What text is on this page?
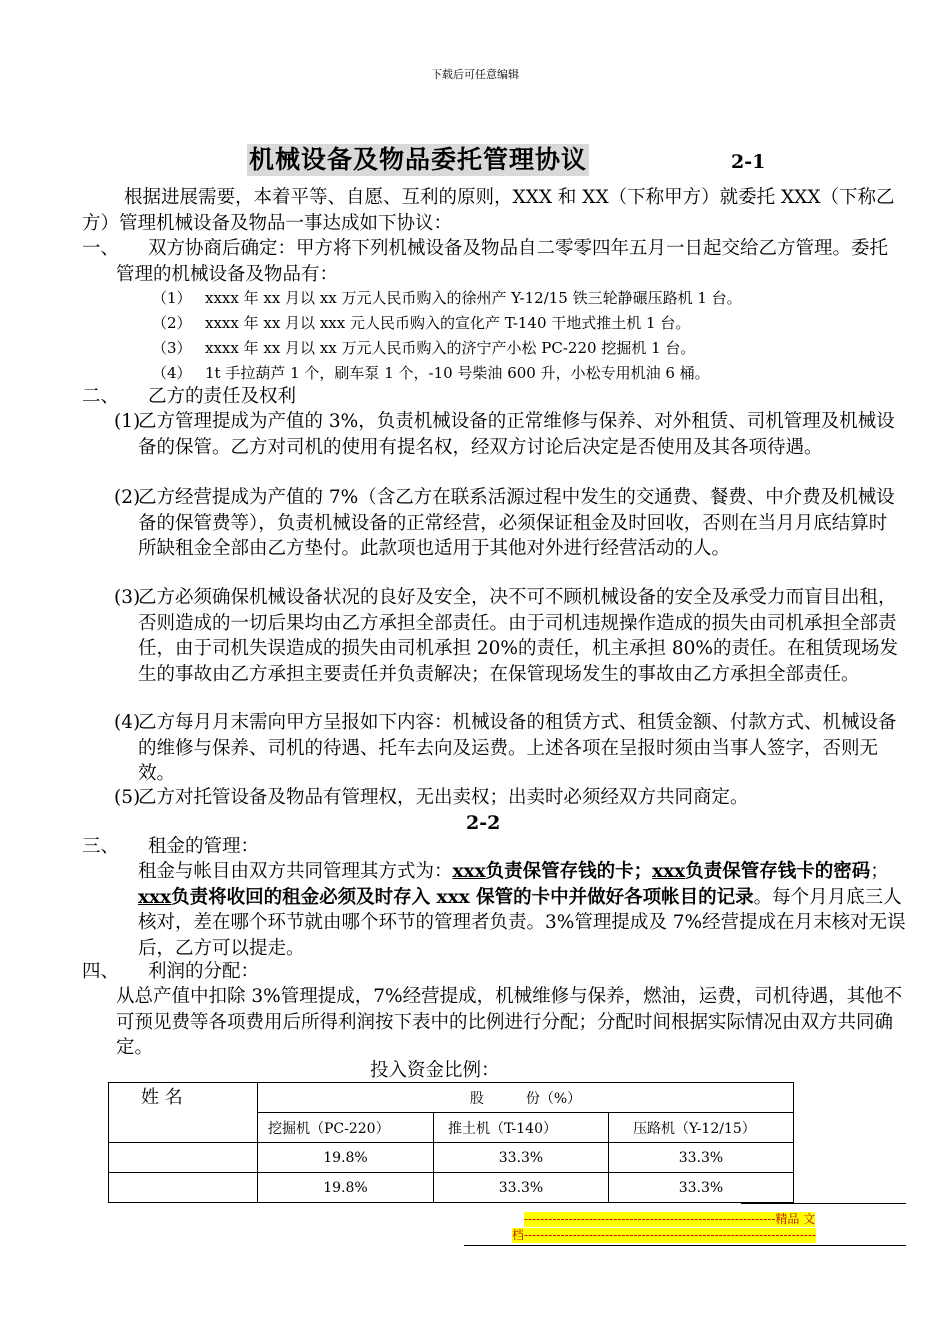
下载后可任意编辑
机械设备及物品委托管理协议	2-1
根据进展需要，本着平等、自愿、互利的原则，XXX 和 XX（下称甲方）就委托 XXX（下称乙方）管理机械设备及物品一事达成如下协议：
一、	双方协商后确定：甲方将下列机械设备及物品自二零零四年五月一日起交给乙方管理。委托管理的机械设备及物品有：
（1） xxxx 年 xx 月以 xx 万元人民币购入的徐州产 Y-12/15 铁三轮静碾压路机 1 台。
（2） xxxx 年 xx 月以 xxx 元人民币购入的宣化产 T-140 干地式推土机 1 台。
（3） xxxx 年 xx 月以 xx 万元人民币购入的济宁产小松 PC-220 挖掘机 1 台。
（4） 1t 手拉葫芦 1 个，刷车泵 1 个，-10 号柴油 600 升，小松专用机油 6 桶。
二、 乙方的责任及权利
(1)
乙方管理提成为产值的 3%，负责机械设备的正常维修与保养、对外租赁、司机管理及机械设备的保管。乙方对司机的使用有提名权，经双方讨论后决定是否使用及其各项待遇。
(2)
乙方经营提成为产值的 7%（含乙方在联系活源过程中发生的交通费、餐费、中介费及机械设备的保管费等），负责机械设备的正常经营，必须保证租金及时回收，否则在当月月底结算时所缺租金全部由乙方垫付。此款项也适用于其他对外进行经营活动的人。
(3)
乙方必须确保机械设备状况的良好及安全，决不可不顾机械设备的安全及承受力而盲目出租，否则造成的一切后果均由乙方承担全部责任。由于司机违规操作造成的损失由司机承担全部责任，由于司机失误造成的损失由司机承担 20%的责任，机主承担 80%的责任。在租赁现场发生的事故由乙方承担主要责任并负责解决；在保管现场发生的事故由乙方承担全部责任。
(4)
乙方每月月末需向甲方呈报如下内容：机械设备的租赁方式、租赁金额、付款方式、机械设备的维修与保养、司机的待遇、托车去向及运费。上述各项在呈报时须由当事人签字，否则无效。
(5)
乙方对托管设备及物品有管理权，无出卖权；出卖时必须经双方共同商定。
2-2
三、 租金的管理：
租金与帐目由双方共同管理其方式为：xxx负责保管存钱的卡；xxx负责保管存钱卡的密码；xxx负责将收回的租金必须及时存入 xxx 保管的卡中并做好各项帐目的记录。每个月月底三人核对，差在哪个环节就由哪个环节的管理者负责。3%管理提成及 7%经营提成在月末核对无误后，乙方可以提走。
四、 利润的分配：
从总产值中扣除 3%管理提成，7%经营提成，机械维修与保养，燃油，运费，司机待遇，其他不可预见费等各项费用后所得利润按下表中的比例进行分配；分配时间根据实际情况由双方共同确定。
投入资金比例：
姓 名	股　　　份（%）		
	挖掘机（PC-220）	推土机（T-140）	压路机（Y-12/15）
	19.8%	33.3%	33.3%
	19.8%	33.3%	33.3%
--------------------------------------------------------------精品 文
档------------------------------------------------------------------------
